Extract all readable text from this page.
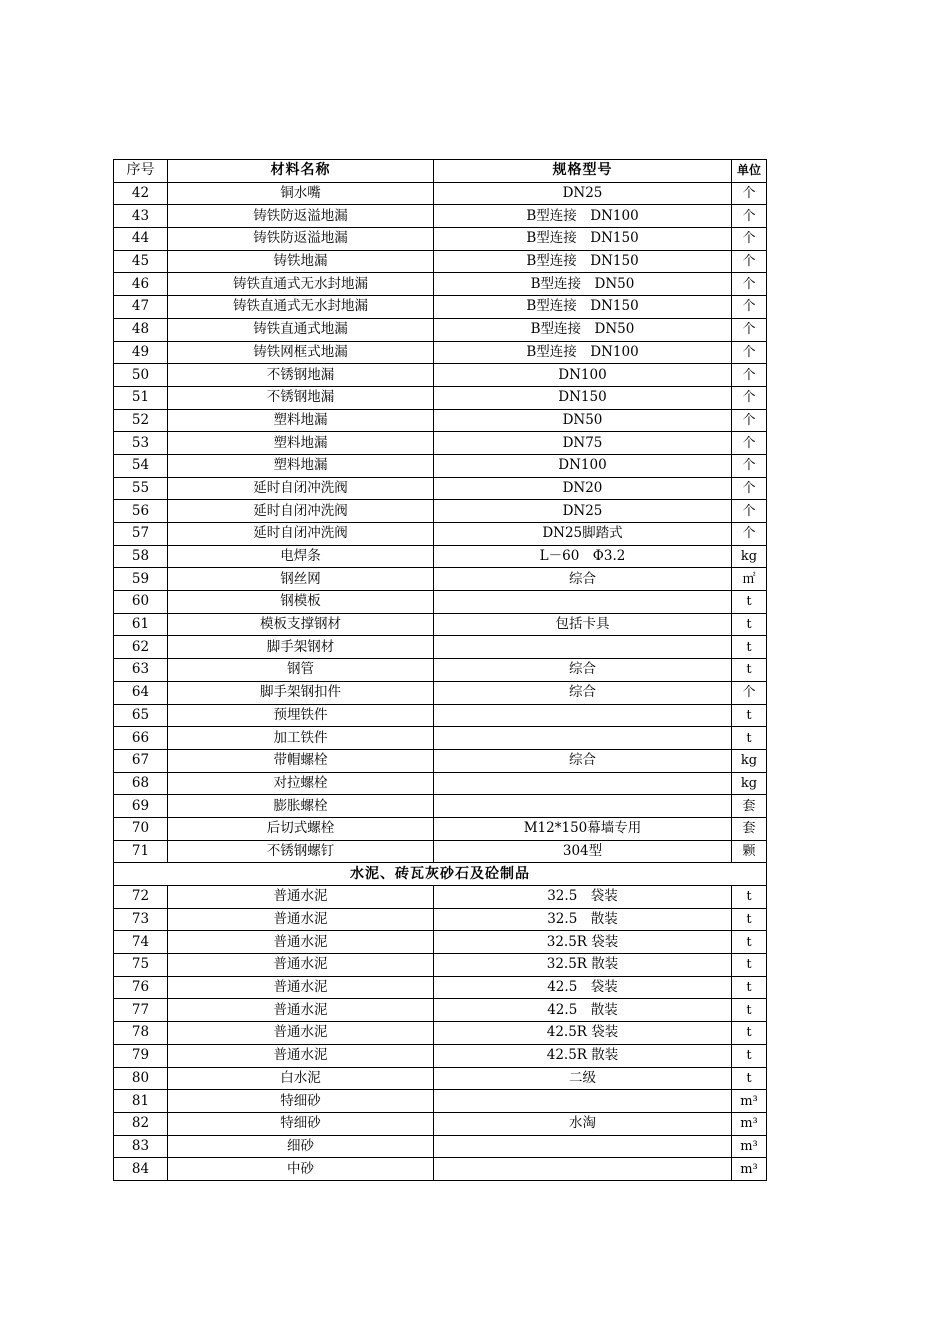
序号	材料名称	规格型号	单位
42	铜水嘴	DN25	个
43	铸铁防返溢地漏	B型连接　DN100	个
44	铸铁防返溢地漏	B型连接　DN150	个
45	铸铁地漏	B型连接　DN150	个
46	铸铁直通式无水封地漏	B型连接　DN50	个
47	铸铁直通式无水封地漏	B型连接　DN150	个
48	铸铁直通式地漏	B型连接　DN50	个
49	铸铁网框式地漏	B型连接　DN100	个
50	不锈钢地漏	DN100	个
51	不锈钢地漏	DN150	个
52	塑料地漏	DN50	个
53	塑料地漏	DN75	个
54	塑料地漏	DN100	个
55	延时自闭冲洗阀	DN20	个
56	延时自闭冲洗阀	DN25	个
57	延时自闭冲洗阀	DN25脚踏式	个
58	电焊条	L－60　Φ3.2	kg
59	钢丝网	综合	㎡
60	钢模板		t
61	模板支撑钢材	包括卡具	t
62	脚手架钢材		t
63	钢管	综合	t
64	脚手架钢扣件	综合	个
65	预埋铁件		t
66	加工铁件		t
67	带帽螺栓	综合	kg
68	对拉螺栓		kg
69	膨胀螺栓		套
70	后切式螺栓	M12*150幕墙专用	套
71	不锈钢螺钉	304型	颗
水泥、砖瓦灰砂石及砼制品			
72	普通水泥	32.5　袋装	t
73	普通水泥	32.5　散装	t
74	普通水泥	32.5R 袋装	t
75	普通水泥	32.5R 散装	t
76	普通水泥	42.5　袋装	t
77	普通水泥	42.5　散装	t
78	普通水泥	42.5R 袋装	t
79	普通水泥	42.5R 散装	t
80	白水泥	二级	t
81	特细砂		m³
82	特细砂	水淘	m³
83	细砂		m³
84	中砂		m³
